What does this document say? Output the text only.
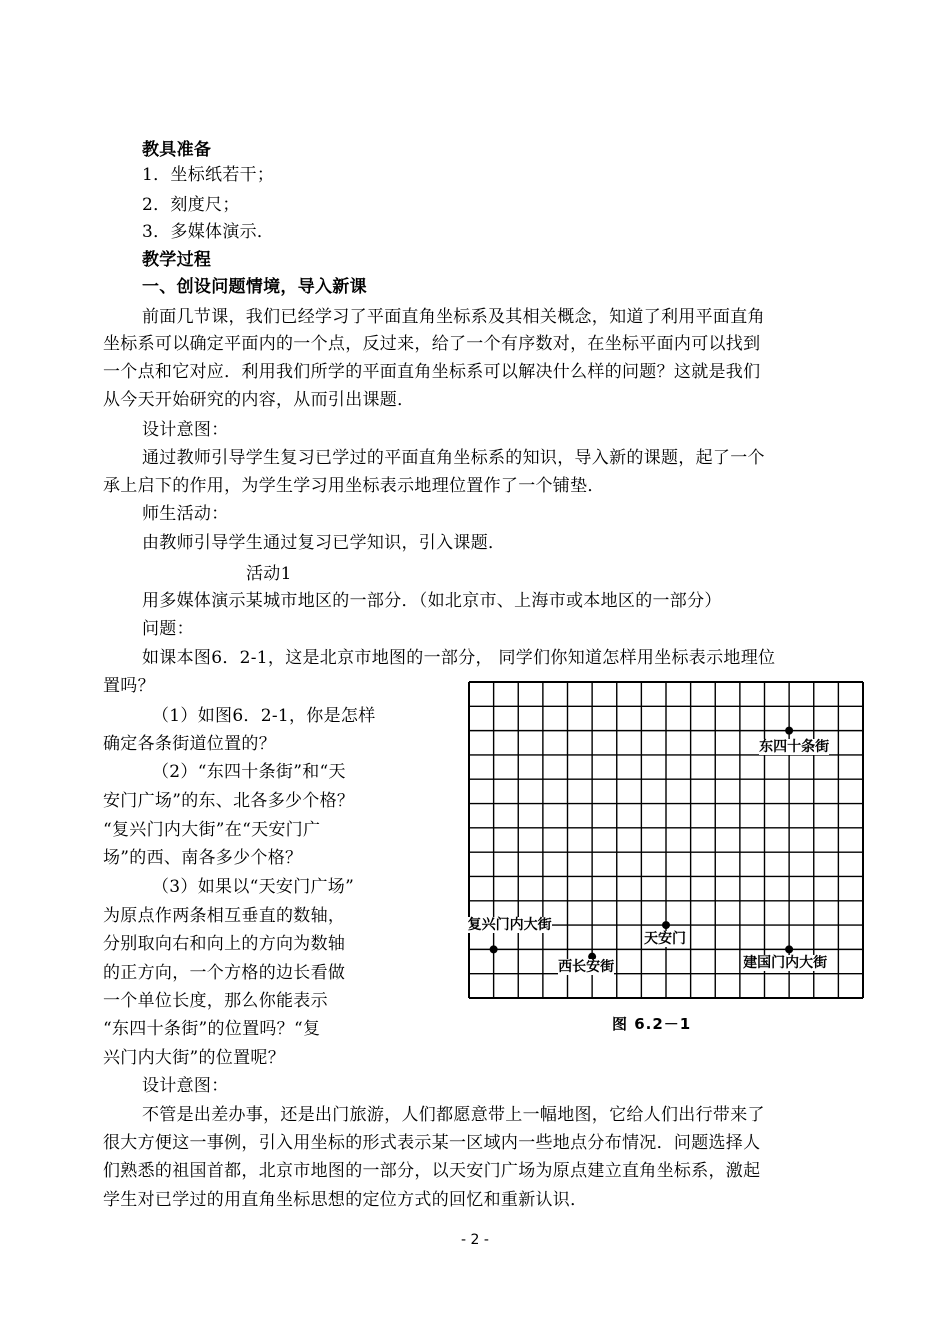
教具准备
1．坐标纸若干；
2．刻度尺；
3．多媒体演示．
教学过程
一、创设问题情境，导入新课
前面几节课，我们已经学习了平面直角坐标系及其相关概念，知道了利用平面直角
坐标系可以确定平面内的一个点，反过来，给了一个有序数对，在坐标平面内可以找到
一个点和它对应．利用我们所学的平面直角坐标系可以解决什么样的问题？这就是我们
从今天开始研究的内容，从而引出课题．
设计意图：
通过教师引导学生复习已学过的平面直角坐标系的知识，导入新的课题，起了一个
承上启下的作用，为学生学习用坐标表示地理位置作了一个铺垫．
师生活动：
由教师引导学生通过复习已学知识，引入课题．
活动1
用多媒体演示某城市地区的一部分．（如北京市、上海市或本地区的一部分）
问题：
如课本图6．2-1，这是北京市地图的一部分， 同学们你知道怎样用坐标表示地理位
置吗？
（1）如图6．2-1，你是怎样
确定各条街道位置的？
（2）“东四十条街”和“天
安门广场”的东、北各多少个格？
“复兴门内大街”在“天安门广
场”的西、南各多少个格？
（3）如果以“天安门广场”
为原点作两条相互垂直的数轴，
分别取向右和向上的方向为数轴
的正方向，一个方格的边长看做
一个单位长度，那么你能表示
“东四十条街”的位置吗？“复
兴门内大街”的位置呢？
设计意图：
不管是出差办事，还是出门旅游，人们都愿意带上一幅地图，它给人们出行带来了
很大方便这一事例，引入用坐标的形式表示某一区域内一些地点分布情况．问题选择人
们熟悉的祖国首都，北京市地图的一部分，以天安门广场为原点建立直角坐标系，激起
学生对已学过的用直角坐标思想的定位方式的回忆和重新认识．
东四十条街
复兴门内大街
西长安街
天安门
建国门内大街
图 6.2－1
- 2 -
